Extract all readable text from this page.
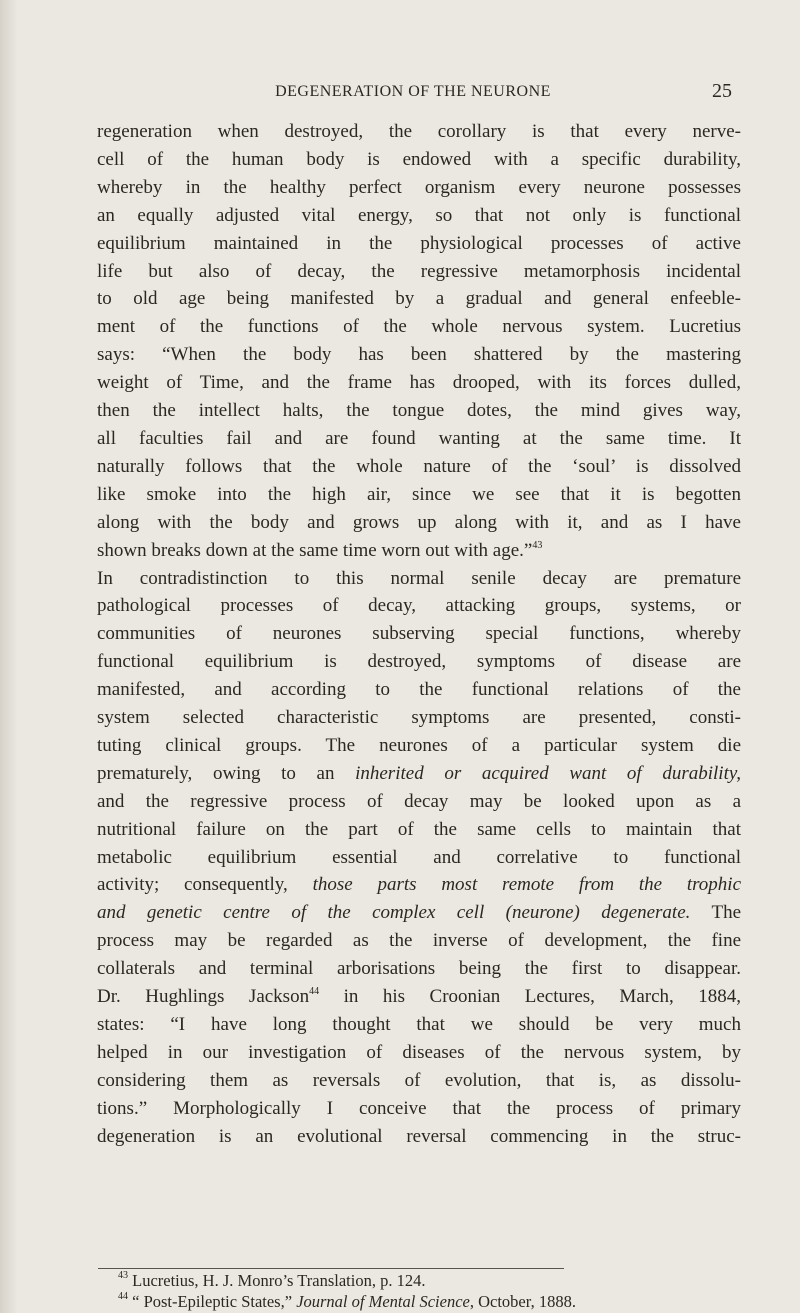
DEGENERATION OF THE NEURONE	25
regeneration when destroyed, the corollary is that every nerve-
cell of the human body is endowed with a specific durability,
whereby in the healthy perfect organism every neurone possesses
an equally adjusted vital energy, so that not only is functional
equilibrium maintained in the physiological processes of active
life but also of decay, the regressive metamorphosis incidental
to old age being manifested by a gradual and general enfeeble-
ment of the functions of the whole nervous system. Lucretius
says: “When the body has been shattered by the mastering
weight of Time, and the frame has drooped, with its forces dulled,
then the intellect halts, the tongue dotes, the mind gives way,
all faculties fail and are found wanting at the same time. It
naturally follows that the whole nature of the ‘soul’ is dissolved
like smoke into the high air, since we see that it is begotten
along with the body and grows up along with it, and as I have
shown breaks down at the same time worn out with age.”$^{43}$
In contradistinction to this normal senile decay are premature
pathological processes of decay, attacking groups, systems, or
communities of neurones subserving special functions, whereby
functional equilibrium is destroyed, symptoms of disease are
manifested, and according to the functional relations of the
system selected characteristic symptoms are presented, consti-
tuting clinical groups. The neurones of a particular system die
prematurely, owing to an inherited or acquired want of durability,
and the regressive process of decay may be looked upon as a
nutritional failure on the part of the same cells to maintain that
metabolic equilibrium essential and correlative to functional
activity; consequently, those parts most remote from the trophic
and genetic centre of the complex cell (neurone) degenerate. The
process may be regarded as the inverse of development, the fine
collaterals and terminal arborisations being the first to disappear.
Dr. Hughlings Jackson$^{44}$ in his Croonian Lectures, March, 1884,
states: “I have long thought that we should be very much
helped in our investigation of diseases of the nervous system, by
considering them as reversals of evolution, that is, as dissolu-
tions.” Morphologically I conceive that the process of primary
degeneration is an evolutional reversal commencing in the struc-
$^{43}$ Lucretius, H. J. Monro’s Translation, p. 124.
$^{44}$ “ Post-Epileptic States,” Journal of Mental Science, October, 1888.
